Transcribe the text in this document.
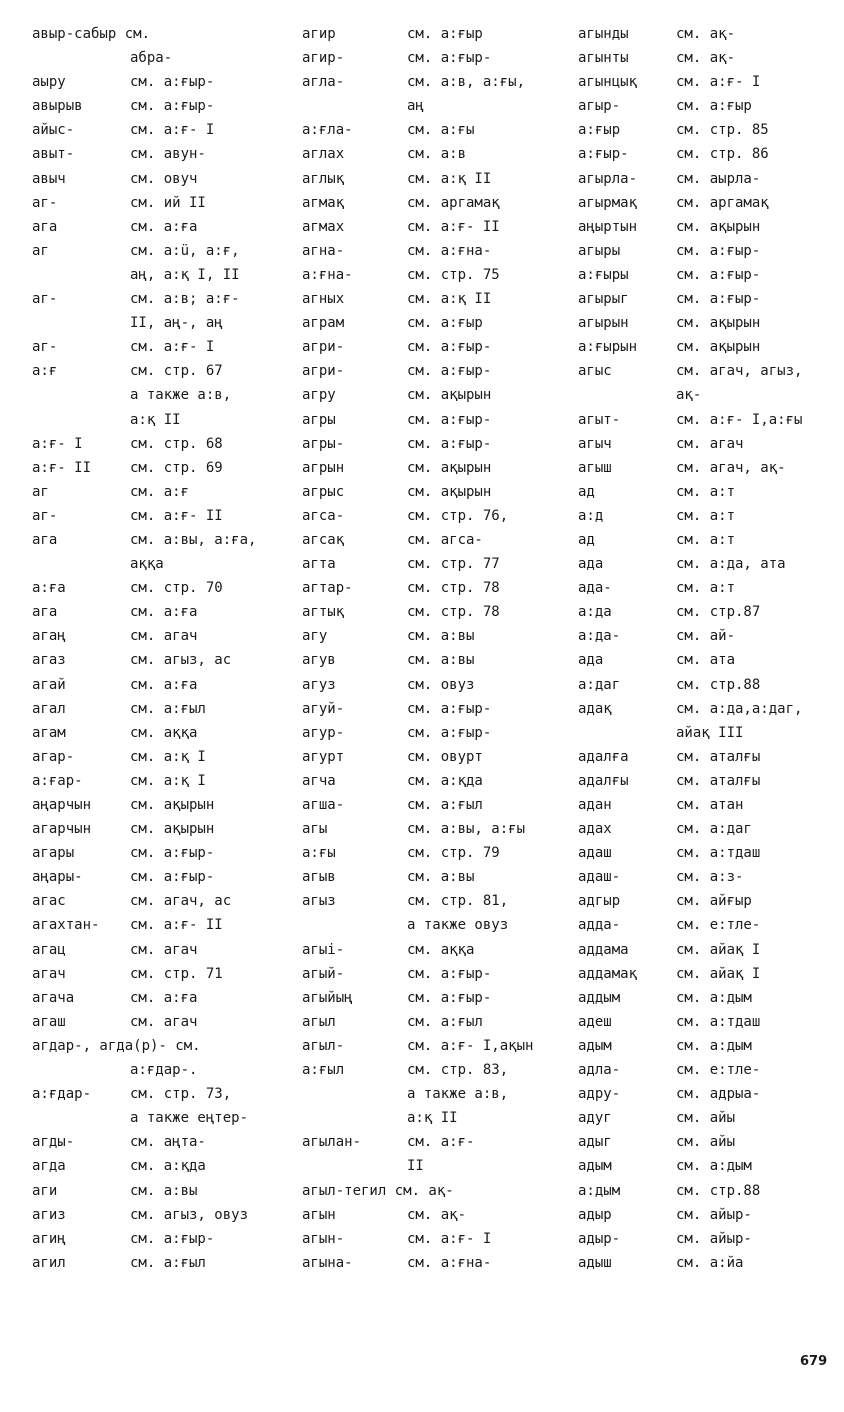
авыр-сабыр см.
абра-
аыру	см. а:ғыр-
авырыв	см. а:ғыр-
айыс-	см. а:ғ- I
авыт-	см. авун-
авыч	см. овуч
аг-	см. ий II
ага	см. а:ға
аг	см. а:ü, а:ғ,
аң, а:қ I, II
аг-	см. а:в; а:ғ-
II, аң-, аң
аг-	см. а:ғ- I
а:ғ	см. стр. 67
а также а:в,
а:қ II
а:ғ- I	см. стр. 68
а:ғ- II	см. стр. 69
аг	см. а:ғ
аг-	см. а:ғ- II
ага	см. а:вы, а:ға,
аққа
а:ға	см. стр. 70
ага	см. а:ға
агаң	см. агач
агаз	см. агыз, ас
агай	см. а:ға
агал	см. а:ғыл
агам	см. аққа
агар-	см. а:қ I
а:ғар-	см. а:қ I
аңарчын	см. ақырын
агарчын	см. ақырын
агары	см. а:ғыр-
аңары-	см. а:ғыр-
агас	см. агач, ас
агахтан- см. а:ғ- II
агац	см. агач
агач	см. стр. 71
агача	см. а:ға
агаш	см. агач
агдар-, агда(р)- см.
а:ғдар-.
а:ғдар-	см. стр. 73,
а также еңтер-
агды-	см. аңта-
агда	см. а:қда
аги	см. а:вы
агиз	см. агыз, овуз
агиң	см. а:ғыр-
агил	см. а:ғыл
агир	см. а:ғыр
агир-	см. а:ғыр-
агла-	см. а:в, а:ғы,
аң
а:ғла-	см. а:ғы
аглах	см. а:в
аглық	см. а:қ II
агмақ	см. аргамақ
агмах	см. а:ғ- II
агна-	см. а:ғна-
а:ғна-	см. стр. 75
агных	см. а:қ II
аграм	см. а:ғыр
агри-	см. а:ғыр-
агри-	см. а:ғыр-
агру	см. ақырын
агры	см. а:ғыр-
агры-	см. а:ғыр-
агрын	см. ақырын
агрыс	см. ақырын
агса-	см. стр. 76,
агсақ	см. агса-
агта	см. стр. 77
агтар-	см. стр. 78
агтық	см. стр. 78
агу	см. а:вы
агув	см. а:вы
агуз	см. овуз
агуй-	см. а:ғыр-
агур-	см. а:ғыр-
агурт	см. овурт
агча	см. а:қда
агша-	см. а:ғыл
агы	см. а:вы, а:ғы
а:ғы	см. стр. 79
агыв	см. а:вы
агыз	см. стр. 81,
а также овуз
агыі-	см. аққа
агый-	см. а:ғыр-
агыйың	см. а:ғыр-
агыл	см. а:ғыл
агыл-	см. а:ғ- I,ақын
а:ғыл	см. стр. 83,
а также а:в,
а:қ II
агылан-	см. а:ғ-
II
агыл-тегил см. ақ-
агын	см. ақ-
агын-	см. а:ғ- I
агына-	см. а:ғна-
агынды	см. ақ-
агынты	см. ақ-
агынцық	см. а:ғ- I
агыр-	см. а:ғыр
а:ғыр	см. стр. 85
а:ғыр-	см. стр. 86
агырла-	см. аырла-
агырмақ	см. аргамақ
аңыртын	см. ақырын
агыры	см. а:ғыр-
а:ғыры	см. а:ғыр-
агырыг	см. а:ғыр-
агырын	см. ақырын
а:ғырын	см. ақырын
агыс	см. агач, агыз,
ақ-
агыт-	см. а:ғ- I,а:ғы
агыч	см. агач
агыш	см. агач, ақ-
ад	см. а:т
а:д	см. а:т
ад	см. а:т
ада	см. а:да, ата
ада-	см. а:т
а:да	см. стр.87
а:да-	см. ай-
ада	см. ата
а:даг	см. стр.88
адақ	см. а:да,а:даг,
айақ III
адалға	см. аталғы
адалғы	см. аталғы
адан	см. атан
адах	см. а:даг
адаш	см. а:тдаш
адаш-	см. а:з-
адгыр	см. айғыр
адда-	см. е:тле-
аддама	см. айақ I
аддамақ	см. айақ I
аддым	см. а:дым
адеш	см. а:тдаш
адым	см. а:дым
адла-	см. е:тле-
адру-	см. адрыа-
адуг	см. айы
адыг	см. айы
адым	см. а:дым
а:дым	см. стр.88
адыр	см. айыр-
адыр-	см. айыр-
адыш	см. а:йа
679
